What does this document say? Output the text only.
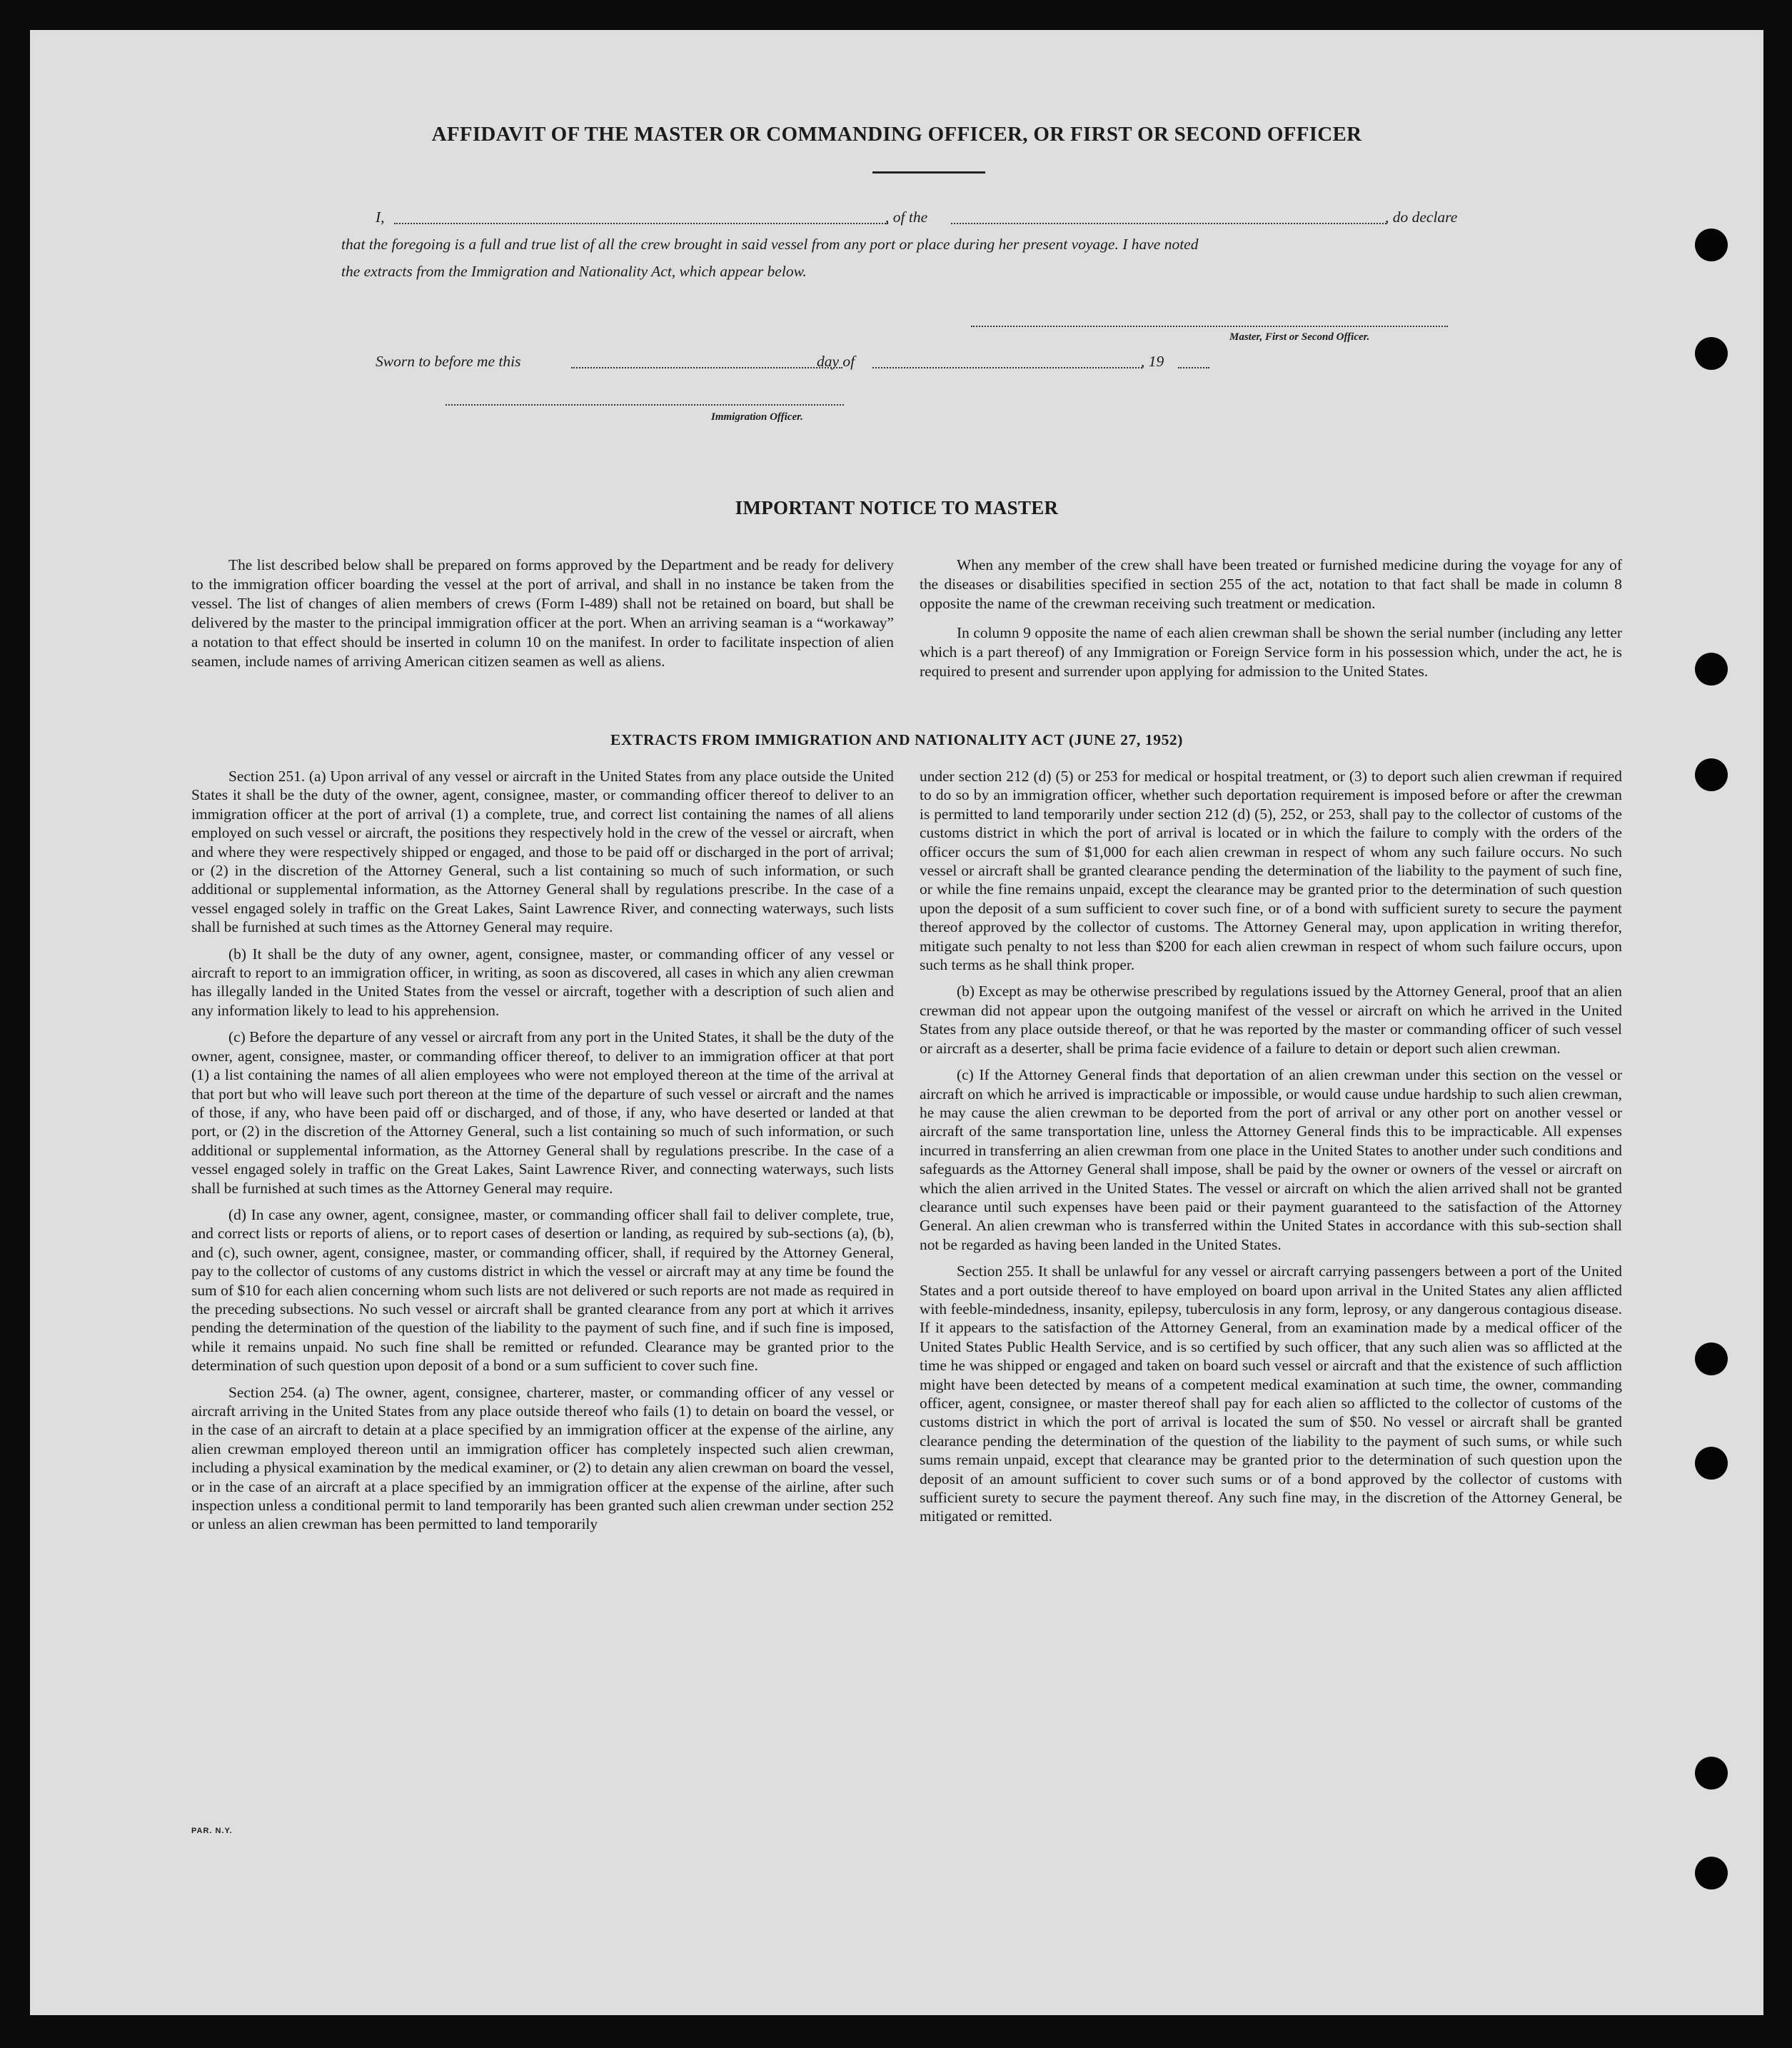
AFFIDAVIT OF THE MASTER OR COMMANDING OFFICER, OR FIRST OR SECOND OFFICER
I,	, of the	, do declare

that the foregoing is a full and true list of all the crew brought in said vessel from any port or place during her present voyage. I have noted

the extracts from the Immigration and Nationality Act, which appear below.

Master, First or Second Officer.
Sworn to before me this	day of	, 19
Immigration Officer.
IMPORTANT NOTICE TO MASTER

The list described below shall be prepared on forms approved by the Department and be ready for delivery to the immigration officer boarding the vessel at the port of arrival, and shall in no instance be taken from the vessel. The list of changes of alien members of crews (Form I-489) shall not be retained on board, but shall be delivered by the master to the principal immigration officer at the port. When an arriving seaman is a “workaway” a notation to that effect should be inserted in column 10 on the manifest. In order to facilitate inspection of alien seamen, include names of arriving American citizen seamen as well as aliens.

When any member of the crew shall have been treated or furnished medicine during the voyage for any of the diseases or disabilities specified in section 255 of the act, notation to that fact shall be made in column 8 opposite the name of the crewman receiving such treatment or medication.

In column 9 opposite the name of each alien crewman shall be shown the serial number (including any letter which is a part thereof) of any Immigration or Foreign Service form in his possession which, under the act, he is required to present and surrender upon applying for admission to the United States.

EXTRACTS FROM IMMIGRATION AND NATIONALITY ACT (JUNE 27, 1952)

Section 251. (a) Upon arrival of any vessel or aircraft in the United States from any place outside the United States it shall be the duty of the owner, agent, consignee, master, or commanding officer thereof to deliver to an immigration officer at the port of arrival (1) a complete, true, and correct list containing the names of all aliens employed on such vessel or aircraft, the positions they respectively hold in the crew of the vessel or aircraft, when and where they were respectively shipped or engaged, and those to be paid off or discharged in the port of arrival; or (2) in the discretion of the Attorney General, such a list containing so much of such information, or such additional or supplemental information, as the Attorney General shall by regulations prescribe. In the case of a vessel engaged solely in traffic on the Great Lakes, Saint Lawrence River, and connecting waterways, such lists shall be furnished at such times as the Attorney General may require.

(b) It shall be the duty of any owner, agent, consignee, master, or commanding officer of any vessel or aircraft to report to an immigration officer, in writing, as soon as discovered, all cases in which any alien crewman has illegally landed in the United States from the vessel or aircraft, together with a description of such alien and any information likely to lead to his apprehension.

(c) Before the departure of any vessel or aircraft from any port in the United States, it shall be the duty of the owner, agent, consignee, master, or commanding officer thereof, to deliver to an immigration officer at that port (1) a list containing the names of all alien employees who were not employed thereon at the time of the arrival at that port but who will leave such port thereon at the time of the departure of such vessel or aircraft and the names of those, if any, who have been paid off or discharged, and of those, if any, who have deserted or landed at that port, or (2) in the discretion of the Attorney General, such a list containing so much of such information, or such additional or supplemental information, as the Attorney General shall by regulations prescribe. In the case of a vessel engaged solely in traffic on the Great Lakes, Saint Lawrence River, and connecting waterways, such lists shall be furnished at such times as the Attorney General may require.

(d) In case any owner, agent, consignee, master, or commanding officer shall fail to deliver complete, true, and correct lists or reports of aliens, or to report cases of desertion or landing, as required by sub-sections (a), (b), and (c), such owner, agent, consignee, master, or commanding officer, shall, if required by the Attorney General, pay to the collector of customs of any customs district in which the vessel or aircraft may at any time be found the sum of $10 for each alien concerning whom such lists are not delivered or such reports are not made as required in the preceding subsections. No such vessel or aircraft shall be granted clearance from any port at which it arrives pending the determination of the question of the liability to the payment of such fine, and if such fine is imposed, while it remains unpaid. No such fine shall be remitted or refunded. Clearance may be granted prior to the determination of such question upon deposit of a bond or a sum sufficient to cover such fine.

Section 254. (a) The owner, agent, consignee, charterer, master, or commanding officer of any vessel or aircraft arriving in the United States from any place outside thereof who fails (1) to detain on board the vessel, or in the case of an aircraft to detain at a place specified by an immigration officer at the expense of the airline, any alien crewman employed thereon until an immigration officer has completely inspected such alien crewman, including a physical examination by the medical examiner, or (2) to detain any alien crewman on board the vessel, or in the case of an aircraft at a place specified by an immigration officer at the expense of the airline, after such inspection unless a conditional permit to land temporarily has been granted such alien crewman under section 252 or unless an alien crewman has been permitted to land temporarily

under section 212 (d) (5) or 253 for medical or hospital treatment, or (3) to deport such alien crewman if required to do so by an immigration officer, whether such deportation requirement is imposed before or after the crewman is permitted to land temporarily under section 212 (d) (5), 252, or 253, shall pay to the collector of customs of the customs district in which the port of arrival is located or in which the failure to comply with the orders of the officer occurs the sum of $1,000 for each alien crewman in respect of whom any such failure occurs. No such vessel or aircraft shall be granted clearance pending the determination of the liability to the payment of such fine, or while the fine remains unpaid, except the clearance may be granted prior to the determination of such question upon the deposit of a sum sufficient to cover such fine, or of a bond with sufficient surety to secure the payment thereof approved by the collector of customs. The Attorney General may, upon application in writing therefor, mitigate such penalty to not less than $200 for each alien crewman in respect of whom such failure occurs, upon such terms as he shall think proper.

(b) Except as may be otherwise prescribed by regulations issued by the Attorney General, proof that an alien crewman did not appear upon the outgoing manifest of the vessel or aircraft on which he arrived in the United States from any place outside thereof, or that he was reported by the master or commanding officer of such vessel or aircraft as a deserter, shall be prima facie evidence of a failure to detain or deport such alien crewman.

(c) If the Attorney General finds that deportation of an alien crewman under this section on the vessel or aircraft on which he arrived is impracticable or impossible, or would cause undue hardship to such alien crewman, he may cause the alien crewman to be deported from the port of arrival or any other port on another vessel or aircraft of the same transportation line, unless the Attorney General finds this to be impracticable. All expenses incurred in transferring an alien crewman from one place in the United States to another under such conditions and safeguards as the Attorney General shall impose, shall be paid by the owner or owners of the vessel or aircraft on which the alien arrived in the United States. The vessel or aircraft on which the alien arrived shall not be granted clearance until such expenses have been paid or their payment guaranteed to the satisfaction of the Attorney General. An alien crewman who is transferred within the United States in accordance with this sub-section shall not be regarded as having been landed in the United States.

Section 255. It shall be unlawful for any vessel or aircraft carrying passengers between a port of the United States and a port outside thereof to have employed on board upon arrival in the United States any alien afflicted with feeble-mindedness, insanity, epilepsy, tuberculosis in any form, leprosy, or any dangerous contagious disease. If it appears to the satisfaction of the Attorney General, from an examination made by a medical officer of the United States Public Health Service, and is so certified by such officer, that any such alien was so afflicted at the time he was shipped or engaged and taken on board such vessel or aircraft and that the existence of such affliction might have been detected by means of a competent medical examination at such time, the owner, commanding officer, agent, consignee, or master thereof shall pay for each alien so afflicted to the collector of customs of the customs district in which the port of arrival is located the sum of $50. No vessel or aircraft shall be granted clearance pending the determination of the question of the liability to the payment of such sums, or while such sums remain unpaid, except that clearance may be granted prior to the determination of such question upon the deposit of an amount sufficient to cover such sums or of a bond approved by the collector of customs with sufficient surety to secure the payment thereof. Any such fine may, in the discretion of the Attorney General, be mitigated or remitted.

PAR. N.Y.
